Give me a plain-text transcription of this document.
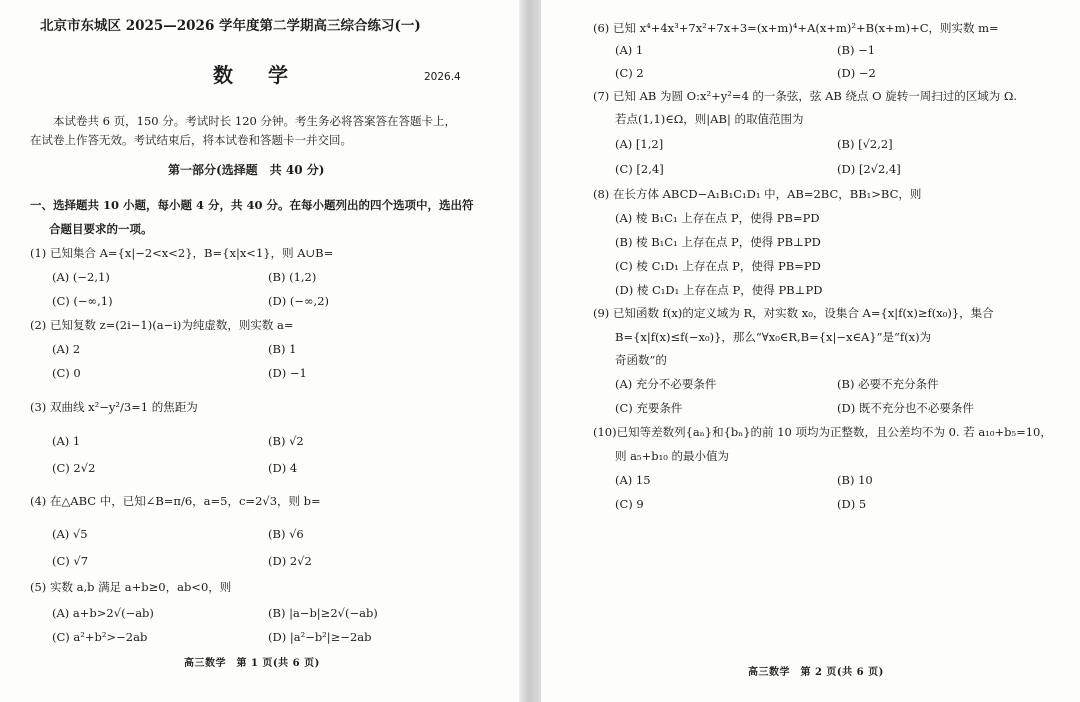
北京市东城区 2025—2026 学年度第二学期高三综合练习(一)
数 学	2026.4
本试卷共 6 页，150 分。考试时长 120 分钟。考生务必将答案答在答题卡上，
在试卷上作答无效。考试结束后，将本试卷和答题卡一并交回。
第一部分(选择题　共 40 分)
一、选择题共 10 小题，每小题 4 分，共 40 分。在每小题列出的四个选项中，选出符
合题目要求的一项。
(1) 已知集合 A={x|−2<x<2}，B={x|x<1}，则 A∪B=
(A) (−2,1)	(B) (1,2)
(C) (−∞,1)	(D) (−∞,2)
(2) 已知复数 z=(2i−1)(a−i)为纯虚数，则实数 a=
(A) 2	(B) 1
(C) 0	(D) −1
(3) 双曲线 x²−y²/3=1 的焦距为
(A) 1	(B) √2
(C) 2√2	(D) 4
(4) 在△ABC 中，已知∠B=π/6，a=5，c=2√3，则 b=
(A) √5	(B) √6
(C) √7	(D) 2√2
(5) 实数 a,b 满足 a+b≥0，ab<0，则
(A) a+b>2√(−ab)	(B) |a−b|≥2√(−ab)
(C) a²+b²>−2ab	(D) |a²−b²|≥−2ab
高三数学　第 1 页(共 6 页)
(6) 已知 x⁴+4x³+7x²+7x+3=(x+m)⁴+A(x+m)²+B(x+m)+C，则实数 m=
(A) 1	(B) −1
(C) 2	(D) −2
(7) 已知 AB 为圆 O:x²+y²=4 的一条弦，弦 AB 绕点 O 旋转一周扫过的区域为 Ω.
若点(1,1)∈Ω，则|AB| 的取值范围为
(A) [1,2]	(B) [√2,2]
(C) [2,4]	(D) [2√2,4]
(8) 在长方体 ABCD−A₁B₁C₁D₁ 中，AB=2BC，BB₁>BC，则
(A) 棱 B₁C₁ 上存在点 P，使得 PB=PD
(B) 棱 B₁C₁ 上存在点 P，使得 PB⊥PD
(C) 棱 C₁D₁ 上存在点 P，使得 PB=PD
(D) 棱 C₁D₁ 上存在点 P，使得 PB⊥PD
(9) 已知函数 f(x)的定义域为 R，对实数 x₀，设集合 A={x|f(x)≥f(x₀)}，集合
B={x|f(x)≤f(−x₀)}，那么“∀x₀∈R,B={x|−x∈A}”是“f(x)为
奇函数”的
(A) 充分不必要条件	(B) 必要不充分条件
(C) 充要条件	(D) 既不充分也不必要条件
(10)已知等差数列{aₙ}和{bₙ}的前 10 项均为正整数，且公差均不为 0. 若 a₁₀+b₅=10，
则 a₅+b₁₀ 的最小值为
(A) 15	(B) 10
(C) 9	(D) 5
高三数学　第 2 页(共 6 页)
